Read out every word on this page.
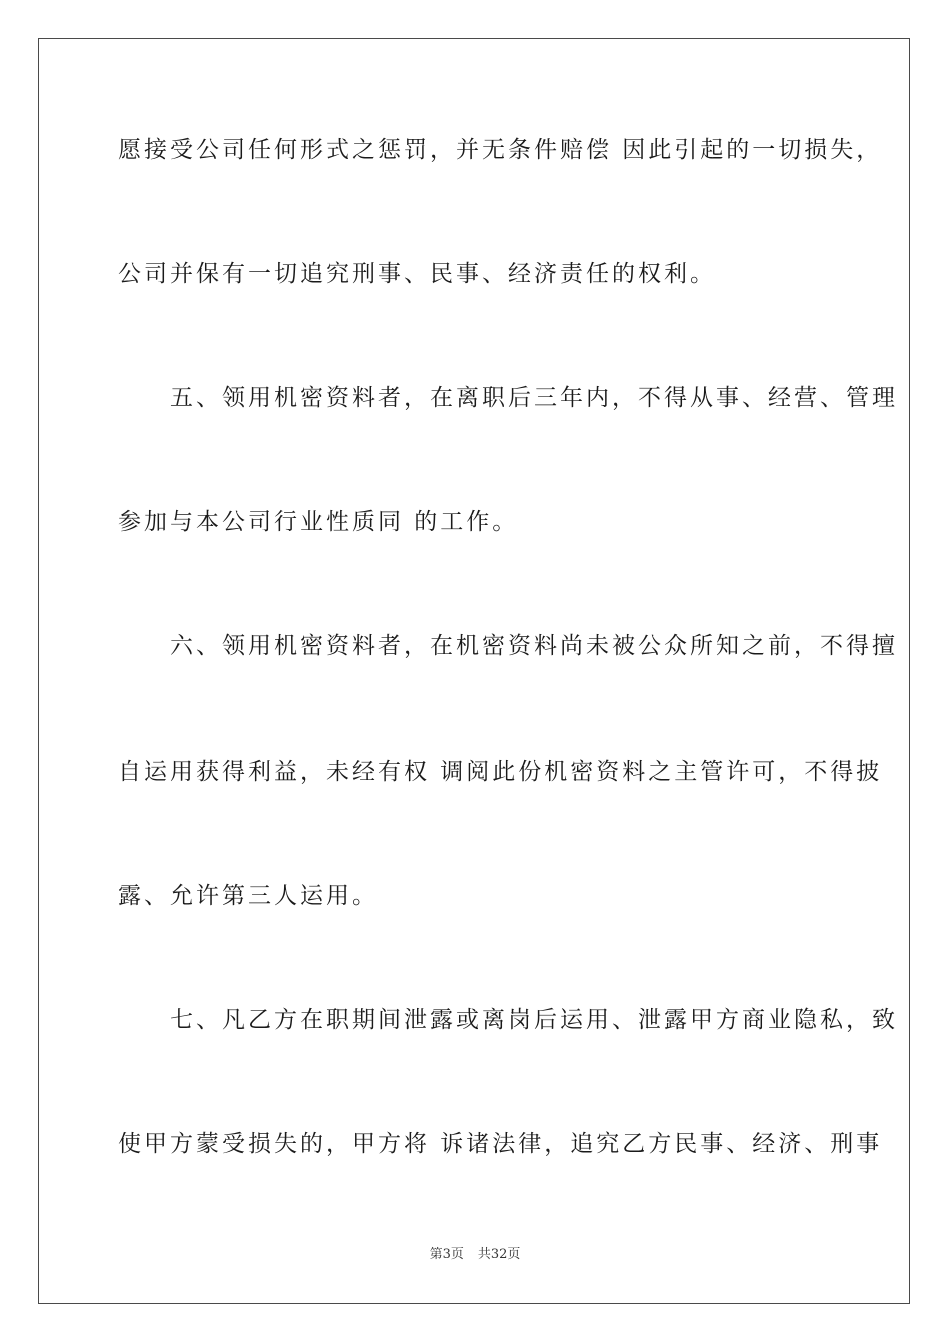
愿接受公司任何形式之惩罚，并无条件赔偿 因此引起的一切损失，
公司并保有一切追究刑事、民事、经济责任的权利。
　　五、领用机密资料者，在离职后三年内，不得从事、经营、管理
参加与本公司行业性质同 的工作。
　　六、领用机密资料者，在机密资料尚未被公众所知之前，不得擅
自运用获得利益，未经有权 调阅此份机密资料之主管许可，不得披
露、允许第三人运用。
　　七、凡乙方在职期间泄露或离岗后运用、泄露甲方商业隐私，致
使甲方蒙受损失的，甲方将 诉诸法律，追究乙方民事、经济、刑事
第3页 共32页
